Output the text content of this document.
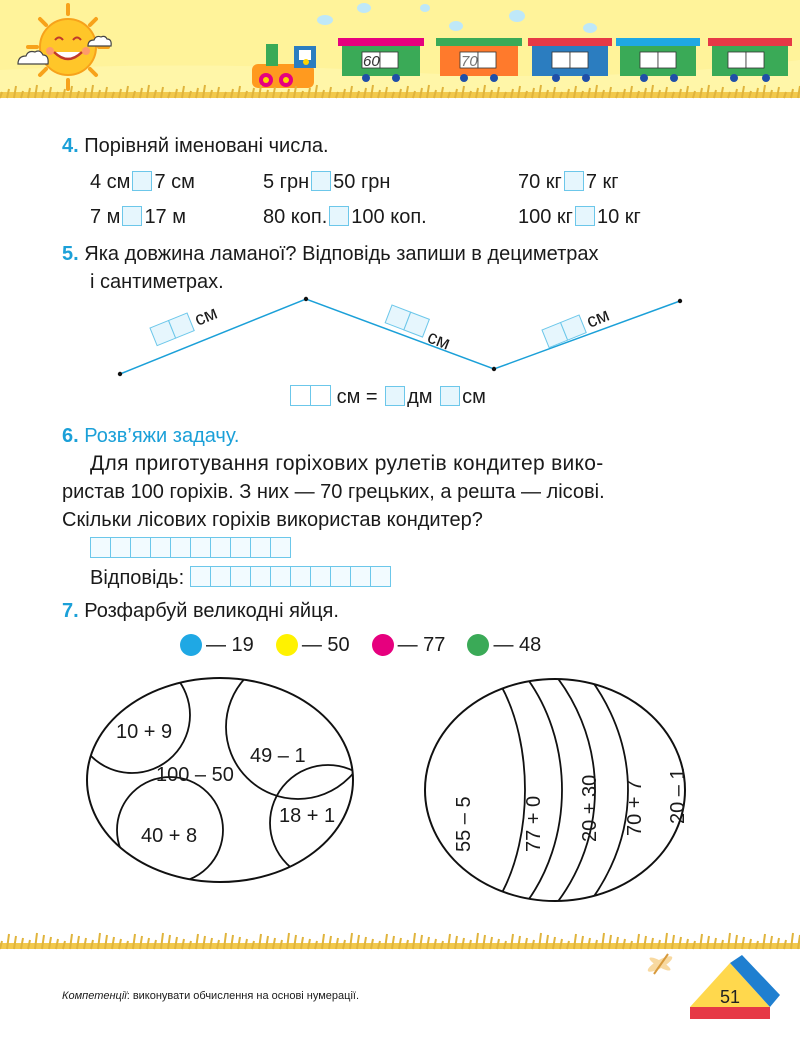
60	70
4. Порівняй іменовані числа.
4 см 7 см	5 грн 50 грн	70 кг 7 кг
7 м 17 м	80 коп. 100 коп.	100 кг 10 кг
5. Яка довжина ламаної? Відповідь запиши в дециметрах
і сантиметрах.
см
см
см
см = дм см
6. Розв’яжи задачу.
Для приготування горіхових рулетів кондитер вико-
ристав 100 горіхів. З них — 70 грецьких, а решта — лісові.
Скільки лісових горіхів використав кондитер?
Відповідь:
7. Розфарбуй великодні яйця.
— 19 — 50 — 77 — 48
10 + 9
49 – 1
100 – 50
40 + 8
18 + 1	55 – 5 77 + 0 20 + 30 70 + 7 20 – 1
51
Компетенції: виконувати обчислення на основі нумерації.
